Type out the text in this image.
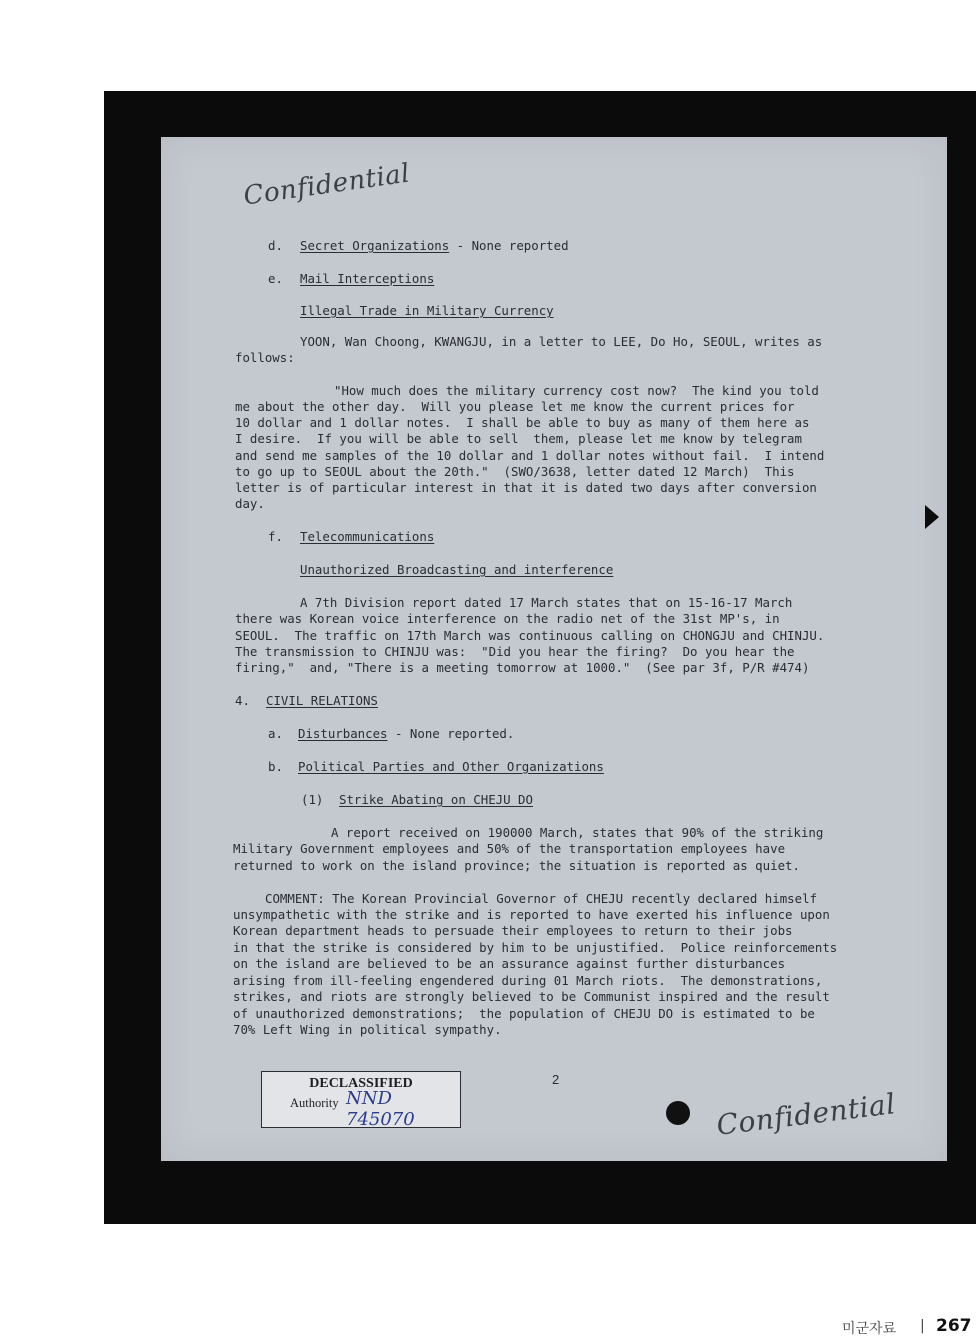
Confidential
d. Secret Organizations - None reported
e. Mail Interceptions
Illegal Trade in Military Currency
YOON, Wan Choong, KWANGJU, in a letter to LEE, Do Ho, SEOUL, writes as
follows:
"How much does the military currency cost now?  The kind you told
me about the other day.  Will you please let me know the current prices for
10 dollar and 1 dollar notes.  I shall be able to buy as many of them here as
I desire.  If you will be able to sell  them, please let me know by telegram
and send me samples of the 10 dollar and 1 dollar notes without fail.  I intend
to go up to SEOUL about the 20th."  (SWO/3638, letter dated 12 March)  This
letter is of particular interest in that it is dated two days after conversion
day.
f. Telecommunications
Unauthorized Broadcasting and interference
A 7th Division report dated 17 March states that on 15-16-17 March
there was Korean voice interference on the radio net of the 31st MP's, in
SEOUL.  The traffic on 17th March was continuous calling on CHONGJU and CHINJU.
The transmission to CHINJU was:  "Did you hear the firing?  Do you hear the
firing,"  and, "There is a meeting tomorrow at 1000."  (See par 3f, P/R #474)
4. CIVIL RELATIONS
a. Disturbances - None reported.
b. Political Parties and Other Organizations
(1) Strike Abating on CHEJU DO
A report received on 190000 March, states that 90% of the striking
Military Government employees and 50% of the transportation employees have
returned to work on the island province; the situation is reported as quiet.
COMMENT: The Korean Provincial Governor of CHEJU recently declared himself
unsympathetic with the strike and is reported to have exerted his influence upon
Korean department heads to persuade their employees to return to their jobs
in that the strike is considered by him to be unjustified.  Police reinforcements
on the island are believed to be an assurance against further disturbances
arising from ill-feeling engendered during 01 March riots.  The demonstrations,
strikes, and riots are strongly believed to be Communist inspired and the result
of unauthorized demonstrations;  the population of CHEJU DO is estimated to be
70% Left Wing in political sympathy.
DECLASSIFIED
Authority NND 745070
2
Confidential
미군자료 | 267
